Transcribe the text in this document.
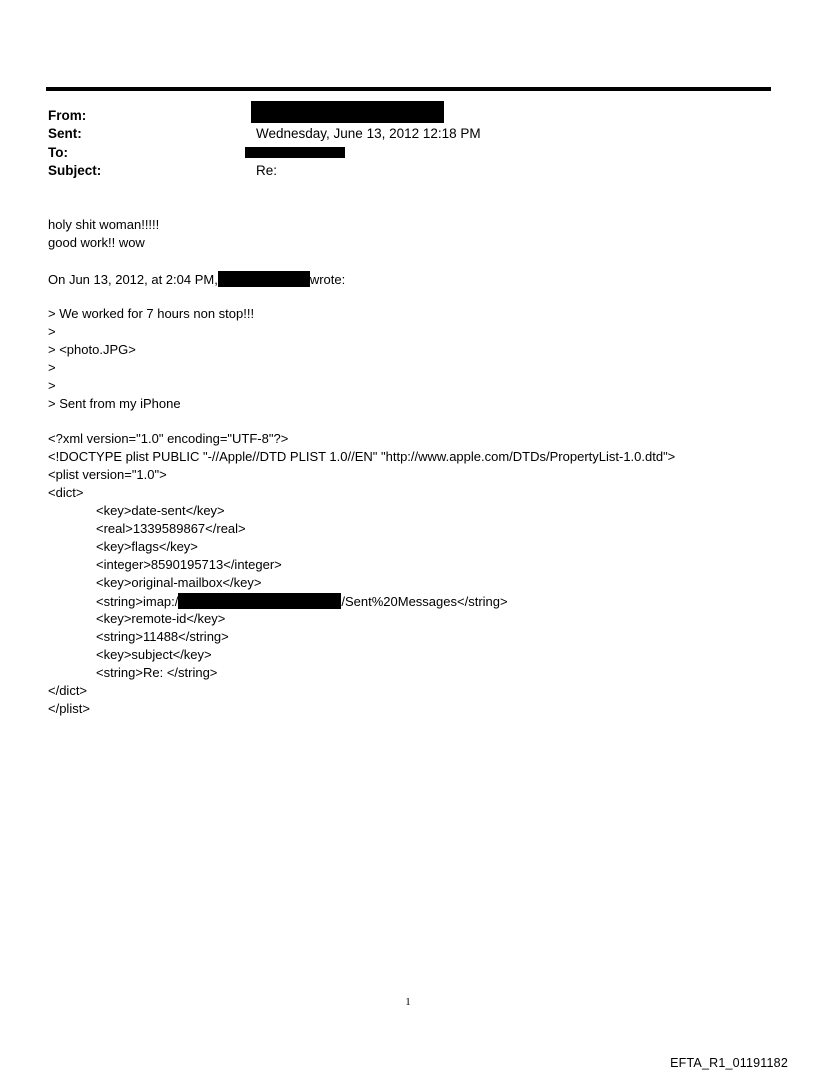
From:
Sent:	Wednesday, June 13, 2012 12:18 PM
To:
Subject:	Re:
holy shit woman!!!!!
good work!! wow
On Jun 13, 2012, at 2:04 PM,	wrote:
> We worked for 7 hours non stop!!!
>
> <photo.JPG>
>
>
> Sent from my iPhone
<?xml version="1.0" encoding="UTF-8"?>
<!DOCTYPE plist PUBLIC "-//Apple//DTD PLIST 1.0//EN" "http://www.apple.com/DTDs/PropertyList-1.0.dtd">
<plist version="1.0">
<dict>
<key>date-sent</key>
<real>1339589867</real>
<key>flags</key>
<integer>8590195713</integer>
<key>original-mailbox</key>
<string>imap:/	/Sent%20Messages</string>
<key>remote-id</key>
<string>11488</string>
<key>subject</key>
<string>Re: </string>
</dict>
</plist>
1
EFTA_R1_01191182
